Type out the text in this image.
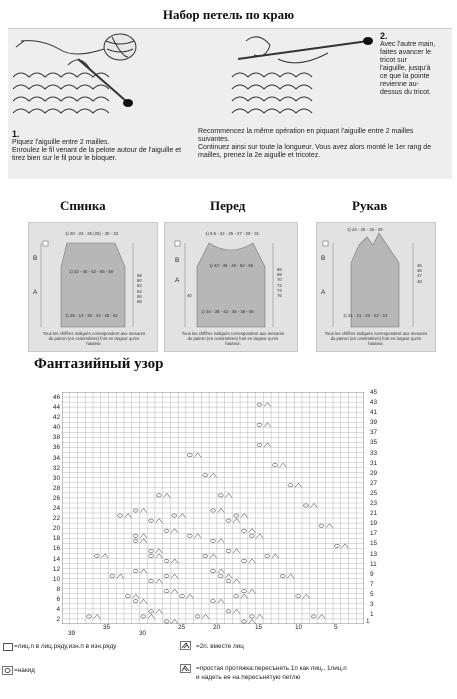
Набор петель по краю
1.
Piquez l'aiguille entre 2 mailles.
Enroulez le fil venant de la pelote autour de l'aiguille et
tirez bien sur le fil pour le bloquer.
2.
Avec l'autre main,
faites avancer le
tricot sur
l'aiguille, jusqu'à
ce que la pointe
revienne au-
dessus du tricot.
Recommencez la même opération en piquant l'aiguille entre 2 mailles
suivantes.
Continuez ainsi sur toute la longueur. Vous avez alors monté le 1er rang de
mailles, prenez la 2e aiguille et tricotez.
Спинка	Перед	Рукав
1) 20 - 23 - 26 (28) - 30 - 33
1) 32 - 45 - 52 - 55 - 58
1) 25 - 14 - 30 - 44 - 48 - 52
B
A
58
60
62
64
66
68
Tous les chiffres indiqués correspondent aux mesures
du patron (en centimètres) font en largeur qu'en
hauteur.
1) 9,5 - 22 - 25 - 27 - 29 - 31
1) 43 - 46 - 49 - 52 - 55
1) 34 - 38 - 42 - 45 - 48 - 56
B
A
40
66
68
70
72
74
76
Tous les chiffres indiqués correspondent aux mesures
du patron (en centimètres) font en largeur qu'en
hauteur.
1) 24 - 25 - 26 - 28
1) 21 - 21 - 22 - 22 - 24
B
A
45
46
47
48
Tous les chiffres indiqués correspondent aux mesures
du patron (en centimètres) font en largeur qu'en
hauteur.
Фантазийный узор
46
44
42
40
38
36
34
32
30
28
26
24
22
20
18
16
14
12
10
8
6
4
2
45
43
41
39
37
35
33
31
29
27
25
23
21
19
17
15
13
11
9
7
5
3
1
35	25	20	15	10	5
1
39	30
=лиц.п в лиц.ряду,изн.п в изн.ряду	=2п. вместе лиц
=накид	=простая протяжка:пересънять 1п как лиц., 1лиц.п
и надеть ее на пересънятую петлю
